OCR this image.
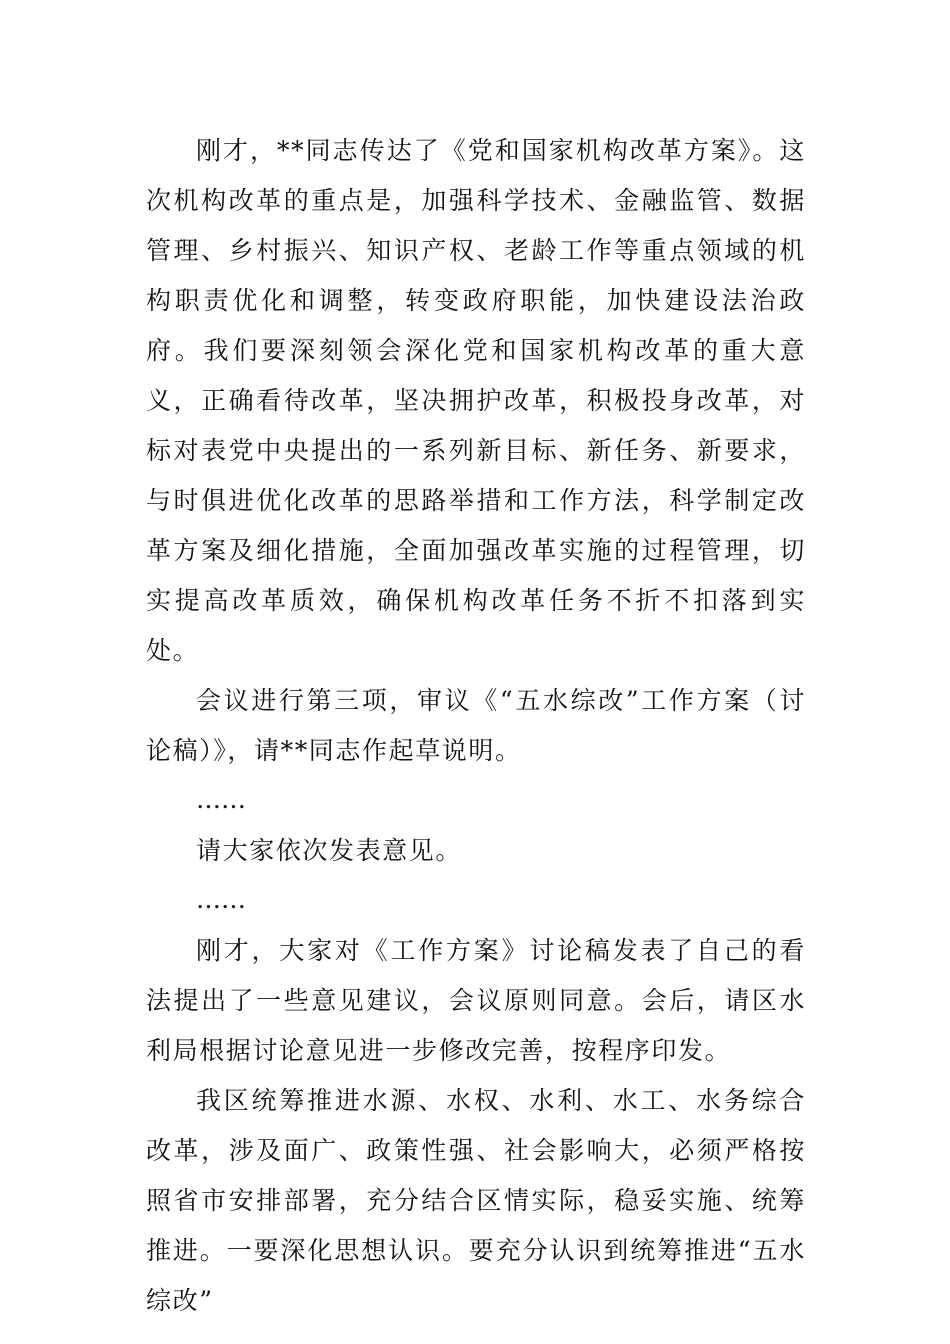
刚才，**同志传达了《党和国家机构改革方案》。这次机构改革的重点是，加强科学技术、金融监管、数据管理、乡村振兴、知识产权、老龄工作等重点领域的机构职责优化和调整，转变政府职能，加快建设法治政府。我们要深刻领会深化党和国家机构改革的重大意义，正确看待改革，坚决拥护改革，积极投身改革，对标对表党中央提出的一系列新目标、新任务、新要求，与时俱进优化改革的思路举措和工作方法，科学制定改革方案及细化措施，全面加强改革实施的过程管理，切实提高改革质效，确保机构改革任务不折不扣落到实处。

会议进行第三项，审议《“五水综改”工作方案（讨论稿）》，请**同志作起草说明。

……

请大家依次发表意见。

……

刚才，大家对《工作方案》讨论稿发表了自己的看法提出了一些意见建议，会议原则同意。会后，请区水利局根据讨论意见进一步修改完善，按程序印发。

我区统筹推进水源、水权、水利、水工、水务综合改革，涉及面广、政策性强、社会影响大，必须严格按照省市安排部署，充分结合区情实际，稳妥实施、统筹推进。一要深化思想认识。要充分认识到统筹推进“五水综改”
